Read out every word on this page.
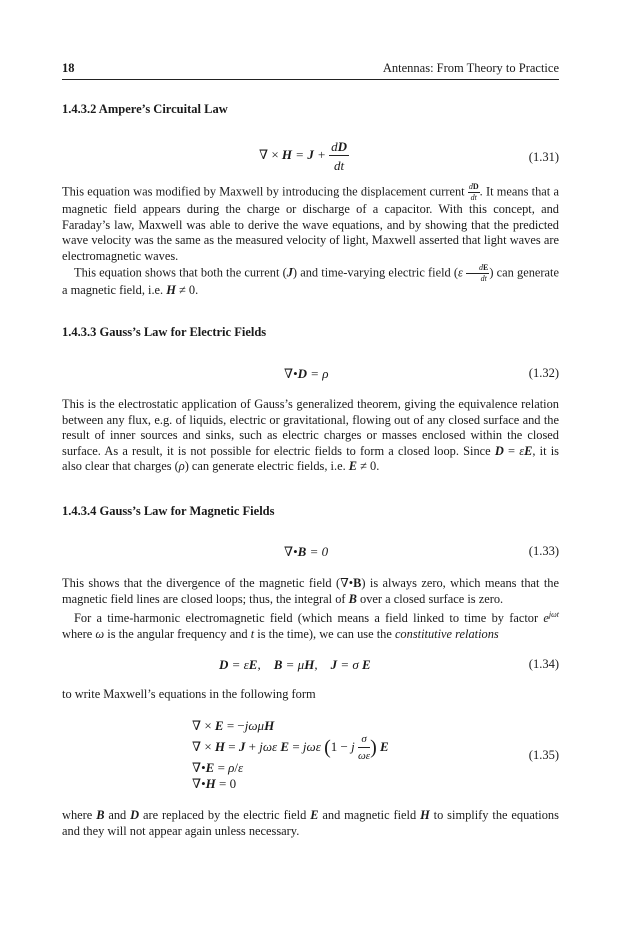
18	Antennas: From Theory to Practice
1.4.3.2 Ampere’s Circuital Law
∇ × $H = J + \frac{dD}{dt}$	(1.31)

This equation was modified by Maxwell by introducing the displacement current $\frac{dD}{dt}$ . It means that a magnetic field appears during the charge or discharge of a capacitor. With this concept, and Faraday’s law, Maxwell was able to derive the wave equations, and by showing that the predicted wave velocity was the same as the measured velocity of light, Maxwell asserted that light waves are electromagnetic waves.

This equation shows that both the current (J) and time-varying electric field ($\varepsilon \frac{dE}{dt}$ ) can generate a magnetic field, i.e. H ≠ 0.

1.4.3.3 Gauss’s Law for Electric Fields
∇•D = ρ	(1.32)

This is the electrostatic application of Gauss’s generalized theorem, giving the equivalence relation between any flux, e.g. of liquids, electric or gravitational, flowing out of any closed surface and the result of inner sources and sinks, such as electric charges or masses enclosed within the closed surface. As a result, it is not possible for electric fields to form a closed loop. Since D = εE, it is also clear that charges (ρ) can generate electric fields, i.e. E ≠ 0.

1.4.3.4 Gauss’s Law for Magnetic Fields
∇•B = 0	(1.33)

This shows that the divergence of the magnetic field (∇•B) is always zero, which means that the magnetic field lines are closed loops; thus, the integral of B over a closed surface is zero.

For a time-harmonic electromagnetic field (which means a field linked to time by factor $e^{j\omega t}$ where ω is the angular frequency and t is the time), we can use the constitutive relations

D = εE,    B = μH,    J = σ E	(1.34)

to write Maxwell’s equations in the following form

∇ × E = −jωμH
∇ × H = J + jωε E = jωε (1 − j $\frac{\sigma}{\omega\varepsilon}$ ) E
∇•E = ρ/ε
∇•H = 0
(1.35)

where B and D are replaced by the electric field E and magnetic field H to simplify the equations and they will not appear again unless necessary.
